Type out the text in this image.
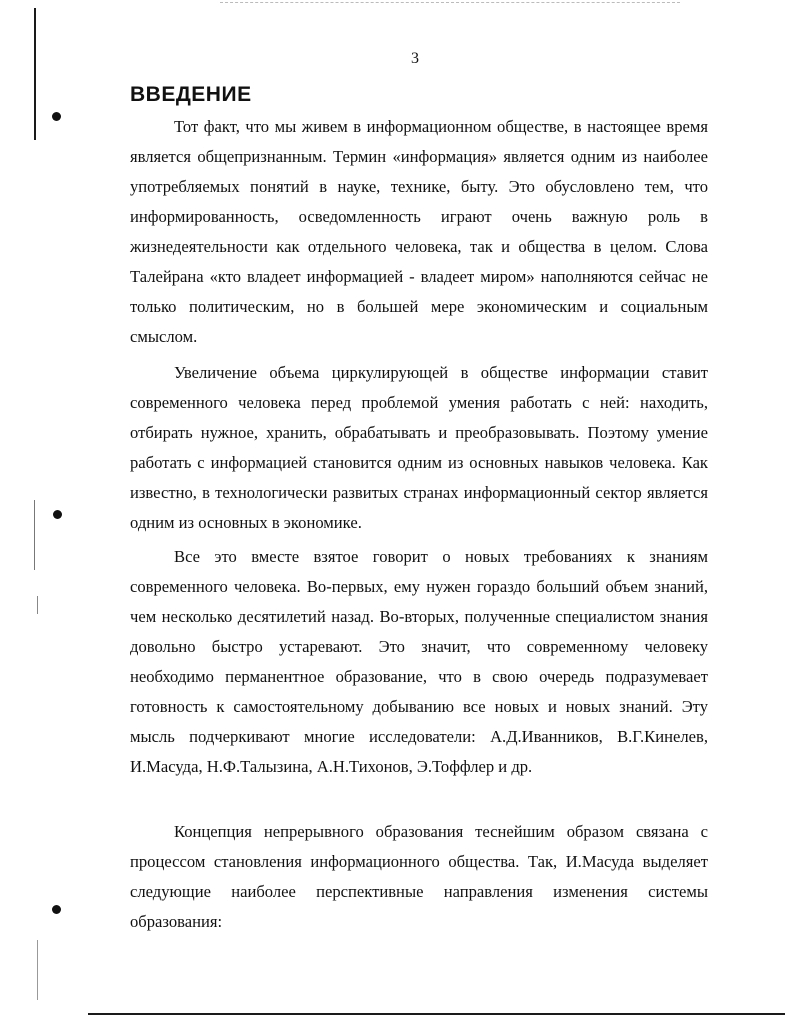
3
ВВЕДЕНИЕ

Тот факт, что мы живем в информационном обществе, в настоящее время является общепризнанным. Термин «информация» является одним из наиболее употребляемых понятий в науке, технике, быту. Это обусловлено тем, что информированность, осведомленность играют очень важную роль в жизнедеятельности как отдельного человека, так и общества в целом. Слова Талейрана «кто владеет информацией - владеет миром» наполняются сейчас не только политическим, но в большей мере экономическим и социальным смыслом.

Увеличение объема циркулирующей в обществе информации ставит современного человека перед проблемой умения работать с ней: находить, отбирать нужное, хранить, обрабатывать и преобразовывать. Поэтому умение работать с информацией становится одним из основных навыков человека. Как известно, в технологически развитых странах информационный сектор является одним из основных в экономике.

Все это вместе взятое говорит о новых требованиях к знаниям современного человека. Во-первых, ему нужен гораздо больший объем знаний, чем несколько десятилетий назад. Во-вторых, полученные специалистом знания довольно быстро устаревают. Это значит, что современному человеку необходимо перманентное образование, что в свою очередь подразумевает готовность к самостоятельному добыванию все новых и новых знаний. Эту мысль подчеркивают многие исследователи: А.Д.Иванников, В.Г.Кинелев, И.Масуда, Н.Ф.Талызина, А.Н.Тихонов, Э.Тоффлер и др.

Концепция непрерывного образования теснейшим образом связана с процессом становления информационного общества. Так, И.Масуда выделяет следующие наиболее перспективные направления изменения системы образования:
